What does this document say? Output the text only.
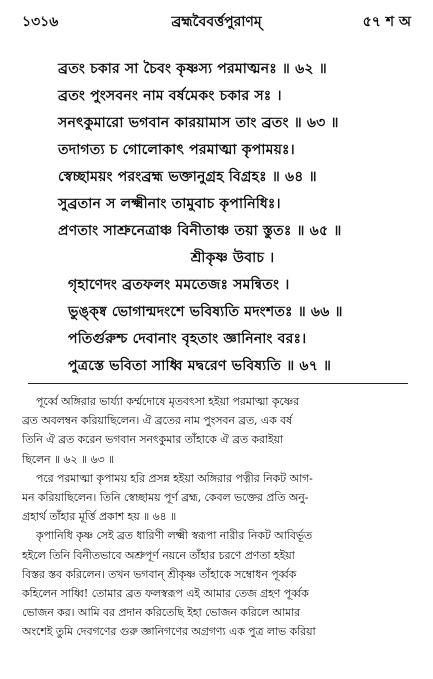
১৩১৬	ব্রহ্মবৈবর্ত্তপুরাণম্‌	৫৭ শ অ
ব্রতং চকার সা চৈবং কৃষ্ণস্য পরমাত্মনঃ ॥ ৬২ ॥
ব্রতং পুংসবনং নাম বর্ষমেকং চকার সঃ ।
সনৎকুমারো ভগবান কারয়ামাস তাং ব্রতং ॥ ৬৩ ॥
তদাগত্য চ গোলোকাৎ পরমাত্মা কৃপাময়ঃ।
স্বেচ্ছাময়ং পরংব্রহ্ম ভক্তানুগ্রহ বিগ্রহঃ ॥ ৬৪ ॥
সুব্রতান স লক্ষ্মীনাং তামুবাচ কৃপানিধিঃ।
প্রণতাং সাশ্রুনেত্রাঞ্চ বিনীতাঞ্চ তয়া স্তুতঃ ॥ ৬৫ ॥
শ্রীকৃষ্ণ উবাচ ।
গৃহাণেদং ব্রতফলং মমতেজঃ সমন্বিতং ।
ভুঙ্ক্ষ্ব ভোগান্মদংশে ভবিষ্যতি মদংশতঃ ॥ ৬৬ ॥
পতির্গুরুশ্চ দেবানাং বৃহতাং জ্ঞানিনাং বরঃ।
পুত্রস্তে ভবিতা সাধ্বি মদ্বরেণ ভবিষ্যতি ॥ ৬৭ ॥
পূর্ব্বে অঙ্গিরার ভার্য্যা কর্ম্মদোষে মৃতবৎসা হইয়া পরমাত্মা কৃষ্ণের
ব্রত অবলম্বন করিয়াছিলেন। ঐ ব্রতের নাম পুংসবন ব্রত, এক বর্ষ
তিনি ঐ ব্রত করেন ভগবান সনৎকুমার তাঁহাকে ঐ ব্রত করাইয়া
ছিলেন ॥ ৬২ ॥ ৬৩ ॥
পরে পরমাত্মা কৃপাময় হরি প্রসন্ন হইয়া অঙ্গিরার পত্নীর নিকট আগ-
মন করিয়াছিলেন। তিনি স্বেচ্ছাময় পূর্ণ ব্রহ্ম, কেবল ভক্তের প্রতি অনু-
গ্রহার্থ তাঁহার মূর্ত্তি প্রকাশ হয় ॥ ৬৪ ॥
কৃপানিধি কৃষ্ণ সেই ব্রত ধারিণী লক্ষ্মী স্বরূপা নারীর নিকট আবির্ভূত
হইলে তিনি বিনীতভাবে অশ্রুপূর্ণ নয়নে তাঁহার চরণে প্রণতা হইয়া
বিস্তর স্তব করিলেন। তখন ভগবান্‌ শ্রীকৃষ্ণ তাঁহাকে সম্বোধন পূর্ব্বক
কহিলেন সাধ্বি! তোমার ব্রত ফলস্বরূপ এই আমার তেজ গ্রহণ পূর্ব্বক
ভোজন কর। আমি বর প্রদান করিতেছি ইহা ভোজন করিলে আমার
অংশেই তুমি দেবগণের গুরু জ্ঞানিগণের অগ্রগণ্য এক পুত্র লাভ করিয়া
